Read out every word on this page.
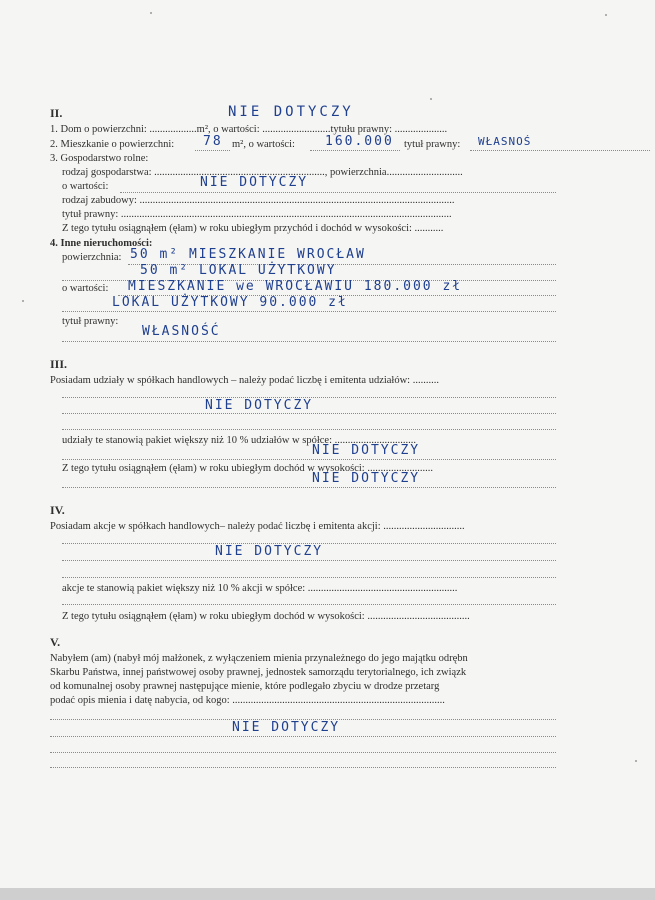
II.	NIE DOTYCZY
1. Dom o powierzchni: ..................m², o wartości: ..........................tytułu prawny: ....................
2. Mieszkanie o powierzchni: 78 m², o wartości: 160.000 tytuł prawny: WŁASNOŚ
3. Gospodarstwo rolne:
rodzaj gospodarstwa: ................................................................., powierzchnia.............................
o wartości:	NIE DOTYCZY
rodzaj zabudowy: ........................................................................................................................
tytuł prawny: ..............................................................................................................................
Z tego tytułu osiągnąłem (ęłam) w roku ubiegłym przychód i dochód w wysokości: ...........
4. Inne nieruchomości:
powierzchnia: 50 m² MIESZKANIE WROCŁAW
50 m² LOKAL UŻYTKOWY
o wartości: MIESZKANIE we WROCŁAWIU 180.000 zł
LOKAL UŻYTKOWY 90.000 zł
tytuł prawny:
WŁASNOŚĆ
III.
Posiadam udziały w spółkach handlowych – należy podać liczbę i emitenta udziałów: ..........
NIE DOTYCZY
udziały te stanowią pakiet większy niż 10 % udziałów w spółce: ...............................
NIE DOTYCZY
Z tego tytułu osiągnąłem (ęłam) w roku ubiegłym dochód w wysokości: .........................
NIE DOTYCZY
IV.
Posiadam akcje w spółkach handlowych– należy podać liczbę i emitenta akcji: ...............................
NIE DOTYCZY
akcje te stanowią pakiet większy niż 10 % akcji w spółce: .........................................................
Z tego tytułu osiągnąłem (ęłam) w roku ubiegłym dochód w wysokości: .......................................
V.
Nabyłem (am) (nabył mój małżonek, z wyłączeniem mienia przynależnego do jego majątku odrębn
Skarbu Państwa, innej państwowej osoby prawnej, jednostek samorządu terytorialnego, ich związk
od komunalnej osoby prawnej następujące mienie, które podlegało zbyciu w drodze przetarg
podać opis mienia i datę nabycia, od kogo: .................................................................................
NIE DOTYCZY
